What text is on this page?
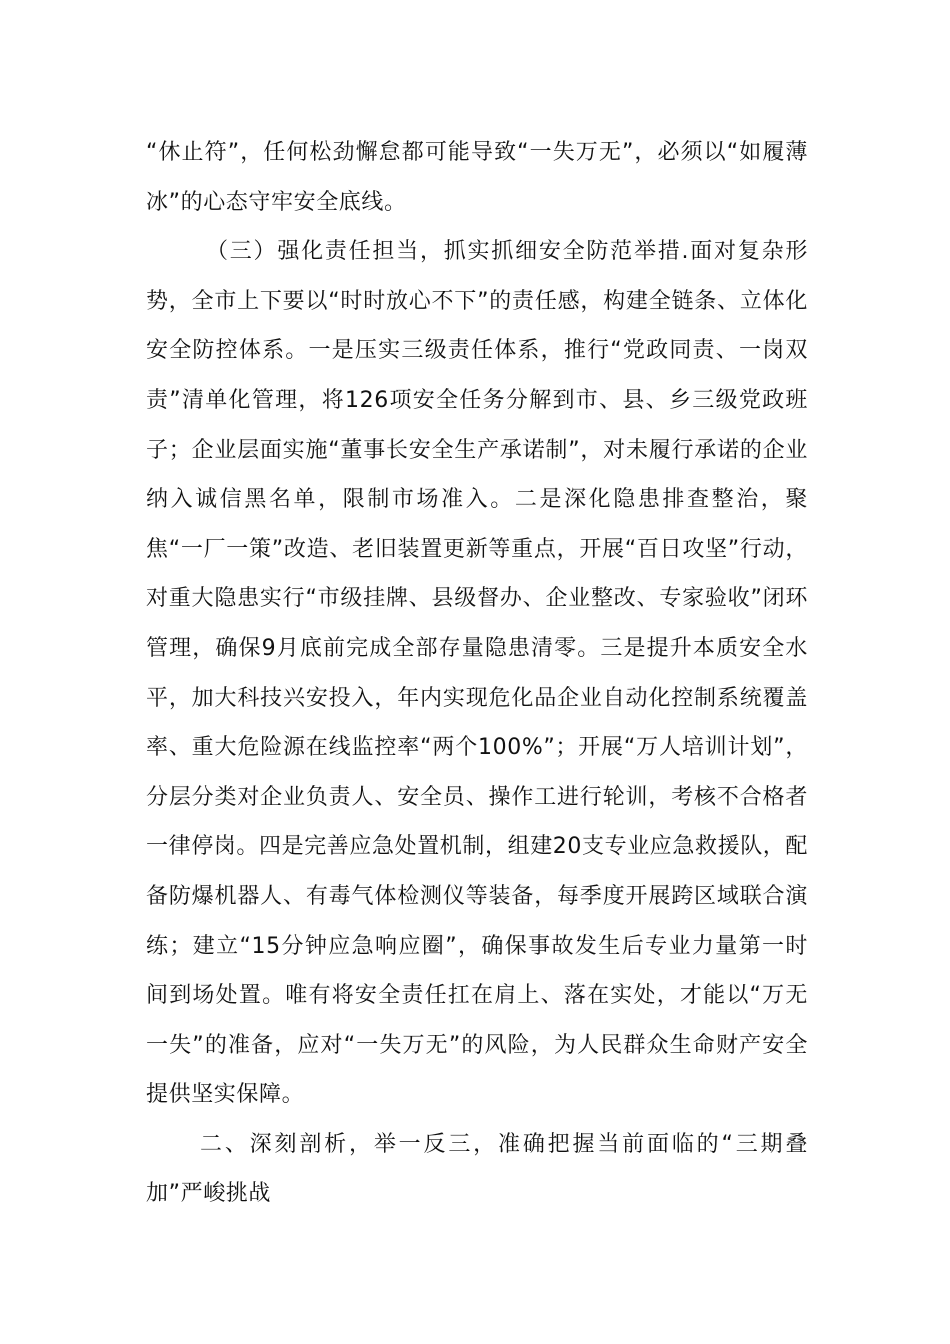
“休止符”，任何松劲懈怠都可能导致“一失万无”，必须以“如履薄冰”的心态守牢安全底线。

（三）强化责任担当，抓实抓细安全防范举措.面对复杂形势，全市上下要以“时时放心不下”的责任感，构建全链条、立体化安全防控体系。一是压实三级责任体系，推行“党政同责、一岗双责”清单化管理，将126项安全任务分解到市、县、乡三级党政班子；企业层面实施“董事长安全生产承诺制”，对未履行承诺的企业纳入诚信黑名单，限制市场准入。二是深化隐患排查整治，聚焦“一厂一策”改造、老旧装置更新等重点，开展“百日攻坚”行动，对重大隐患实行“市级挂牌、县级督办、企业整改、专家验收”闭环管理，确保9月底前完成全部存量隐患清零。三是提升本质安全水平，加大科技兴安投入，年内实现危化品企业自动化控制系统覆盖率、重大危险源在线监控率“两个100%”；开展“万人培训计划”，分层分类对企业负责人、安全员、操作工进行轮训，考核不合格者一律停岗。四是完善应急处置机制，组建20支专业应急救援队，配备防爆机器人、有毒气体检测仪等装备，每季度开展跨区域联合演练；建立“15分钟应急响应圈”，确保事故发生后专业力量第一时间到场处置。唯有将安全责任扛在肩上、落在实处，才能以“万无一失”的准备，应对“一失万无”的风险，为人民群众生命财产安全提供坚实保障。

二、深刻剖析，举一反三，准确把握当前面临的“三期叠加”严峻挑战
